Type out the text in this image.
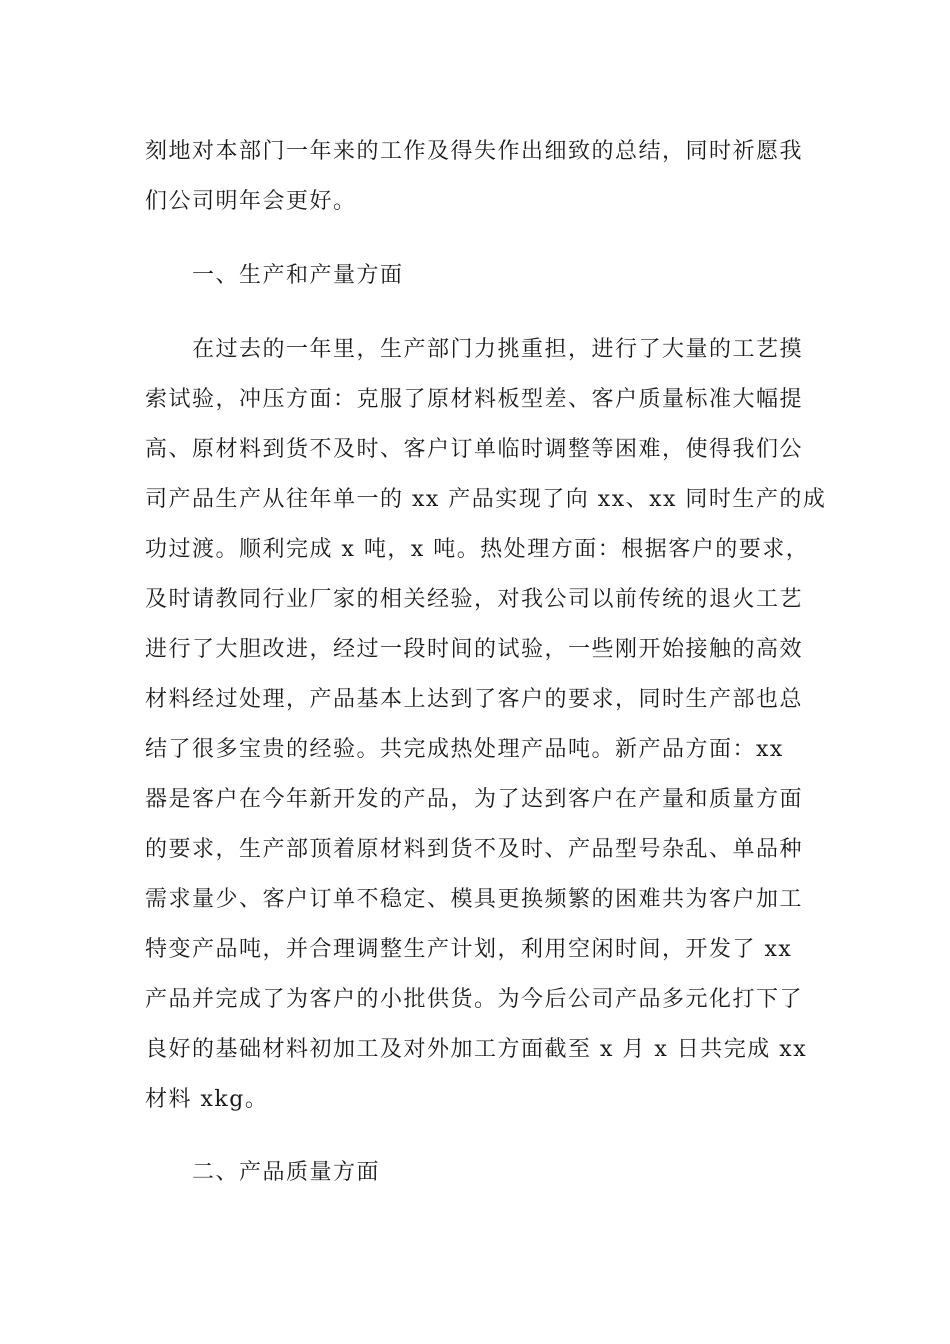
刻地对本部门一年来的工作及得失作出细致的总结，同时祈愿我
们公司明年会更好。
一、生产和产量方面
在过去的一年里，生产部门力挑重担，进行了大量的工艺摸
索试验，冲压方面：克服了原材料板型差、客户质量标准大幅提
高、原材料到货不及时、客户订单临时调整等困难，使得我们公
司产品生产从往年单一的 xx 产品实现了向 xx、xx 同时生产的成
功过渡。顺利完成 x 吨，x 吨。热处理方面：根据客户的要求，
及时请教同行业厂家的相关经验，对我公司以前传统的退火工艺
进行了大胆改进，经过一段时间的试验，一些刚开始接触的高效
材料经过处理，产品基本上达到了客户的要求，同时生产部也总
结了很多宝贵的经验。共完成热处理产品吨。新产品方面：xx
器是客户在今年新开发的产品，为了达到客户在产量和质量方面
的要求，生产部顶着原材料到货不及时、产品型号杂乱、单品种
需求量少、客户订单不稳定、模具更换频繁的困难共为客户加工
特变产品吨，并合理调整生产计划，利用空闲时间，开发了 xx
产品并完成了为客户的小批供货。为今后公司产品多元化打下了
良好的基础材料初加工及对外加工方面截至 x 月 x 日共完成 xx
材料 xkg。
二、产品质量方面
